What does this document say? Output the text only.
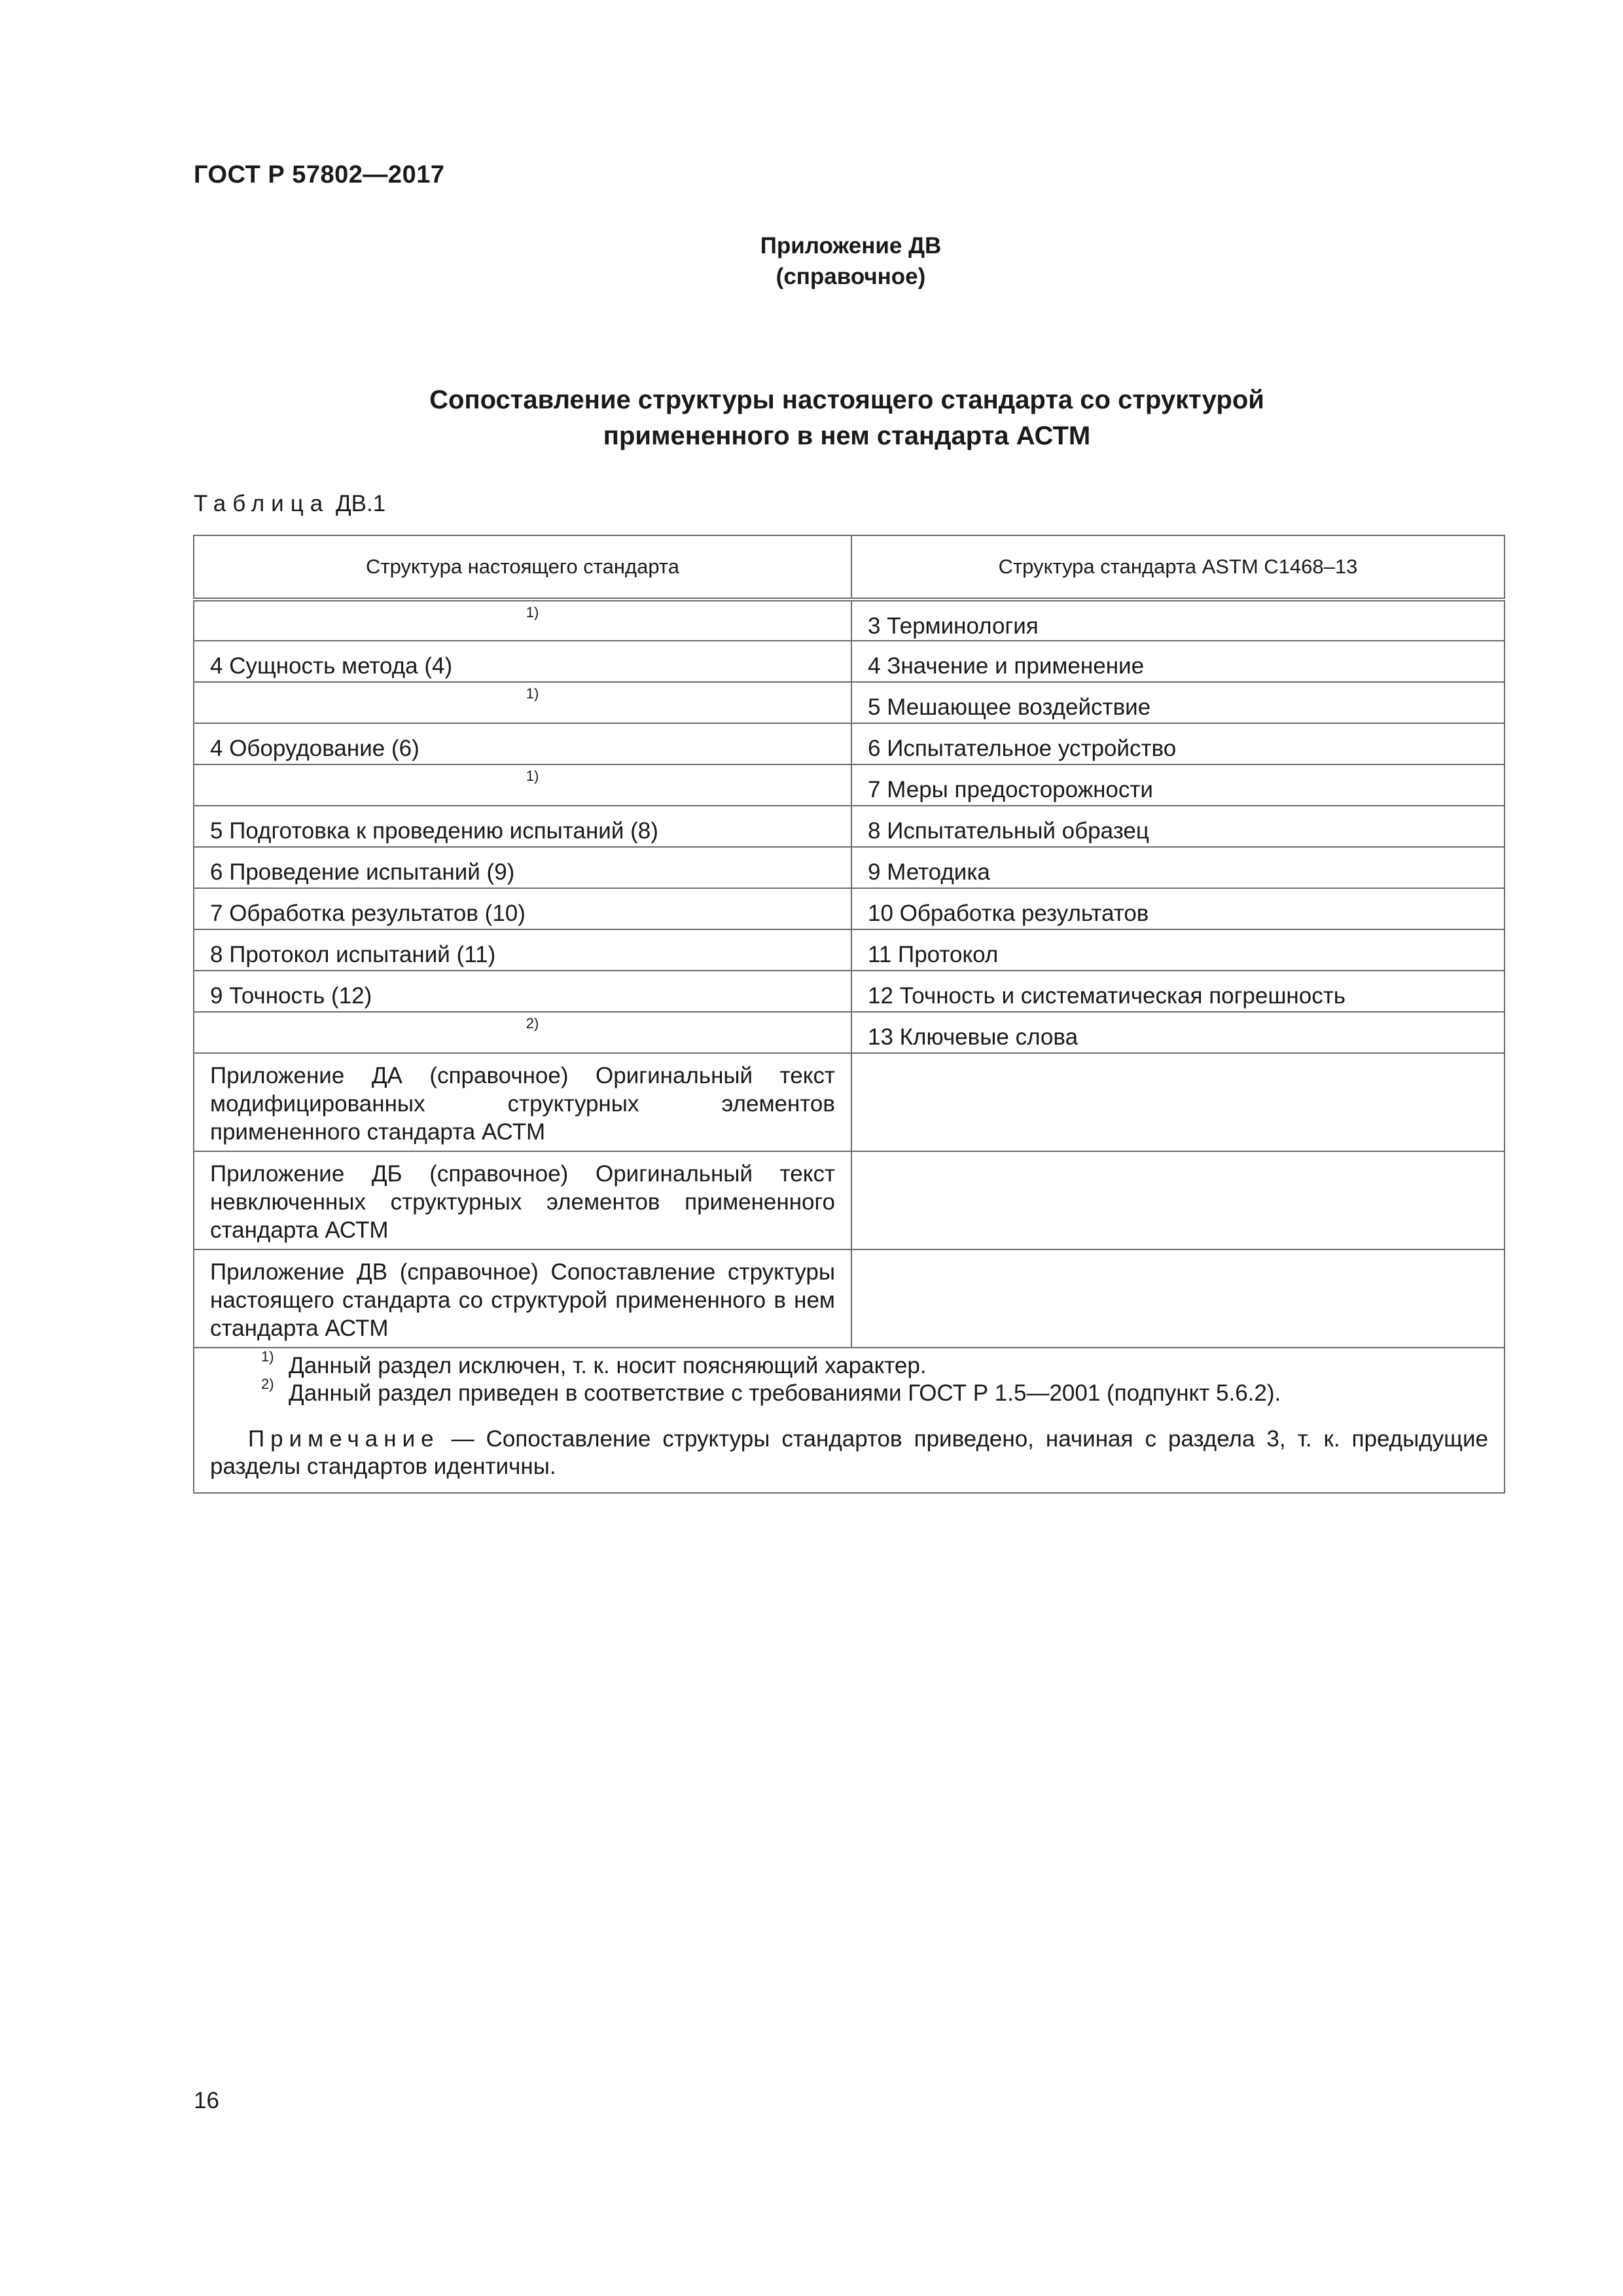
ГОСТ Р 57802—2017
Приложение ДВ
(справочное)
Сопоставление структуры настоящего стандарта со структурой
примененного в нем стандарта АСТМ
Таблица ДВ.1
Структура настоящего стандарта	Структура стандарта ASTM C1468–13
1)	3 Терминология
4 Сущность метода (4)	4 Значение и применение
1)	5 Мешающее воздействие
4 Оборудование (6)	6 Испытательное устройство
1)	7 Меры предосторожности
5 Подготовка к проведению испытаний (8)	8 Испытательный образец
6 Проведение испытаний (9)	9 Методика
7 Обработка результатов (10)	10 Обработка результатов
8 Протокол испытаний (11)	11 Протокол
9 Точность (12)	12 Точность и систематическая погрешность
2)	13 Ключевые слова
Приложение ДА (справочное) Оригинальный текст модифицированных структурных элементов примененного стандарта АСТМ	
Приложение ДБ (справочное) Оригинальный текст невключенных структурных элементов примененного стандарта АСТМ	
Приложение ДВ (справочное) Сопоставление структуры настоящего стандарта со структурой примененного в нем стандарта АСТМ	

1) Данный раздел исключен, т. к. носит поясняющий характер.
2) Данный раздел приведен в соответствие с требованиями ГОСТ Р 1.5—2001 (подпункт 5.6.2).
Примечание — Сопоставление структуры стандартов приведено, начиная с раздела 3, т. к. предыдущие разделы стандартов идентичны.	
16
